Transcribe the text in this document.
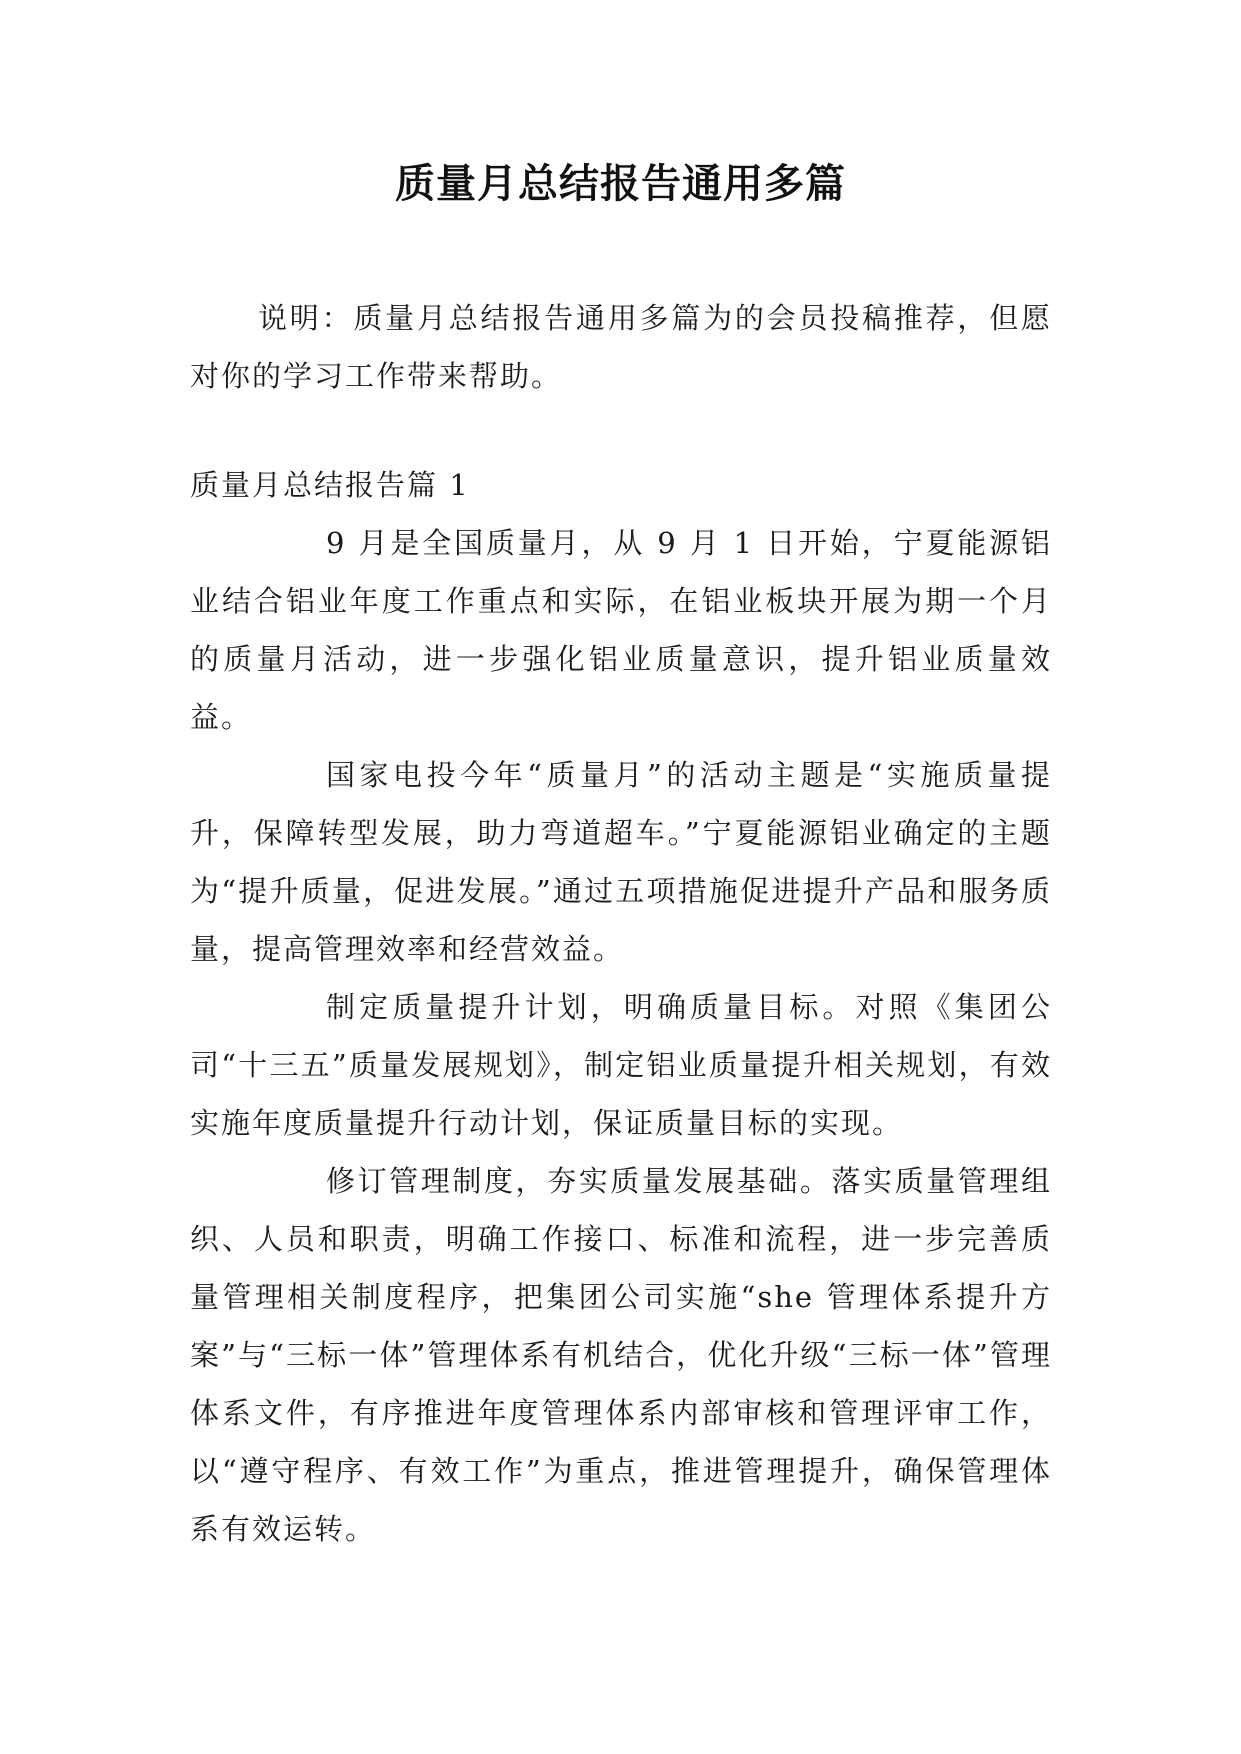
质量月总结报告通用多篇

说明：质量月总结报告通用多篇为的会员投稿推荐，但愿对你的学习工作带来帮助。

质量月总结报告篇 1

9 月是全国质量月，从 9 月 1 日开始，宁夏能源铝业结合铝业年度工作重点和实际，在铝业板块开展为期一个月的质量月活动，进一步强化铝业质量意识，提升铝业质量效益。

国家电投今年“质量月”的活动主题是“实施质量提升，保障转型发展，助力弯道超车。”宁夏能源铝业确定的主题为“提升质量，促进发展。”通过五项措施促进提升产品和服务质量，提高管理效率和经营效益。

制定质量提升计划，明确质量目标。对照《集团公司“十三五”质量发展规划》，制定铝业质量提升相关规划，有效实施年度质量提升行动计划，保证质量目标的实现。

修订管理制度，夯实质量发展基础。落实质量管理组织、人员和职责，明确工作接口、标准和流程，进一步完善质量管理相关制度程序，把集团公司实施“she 管理体系提升方案”与“三标一体”管理体系有机结合，优化升级“三标一体”管理体系文件，有序推进年度管理体系内部审核和管理评审工作，以“遵守程序、有效工作”为重点，推进管理提升，确保管理体系有效运转。
